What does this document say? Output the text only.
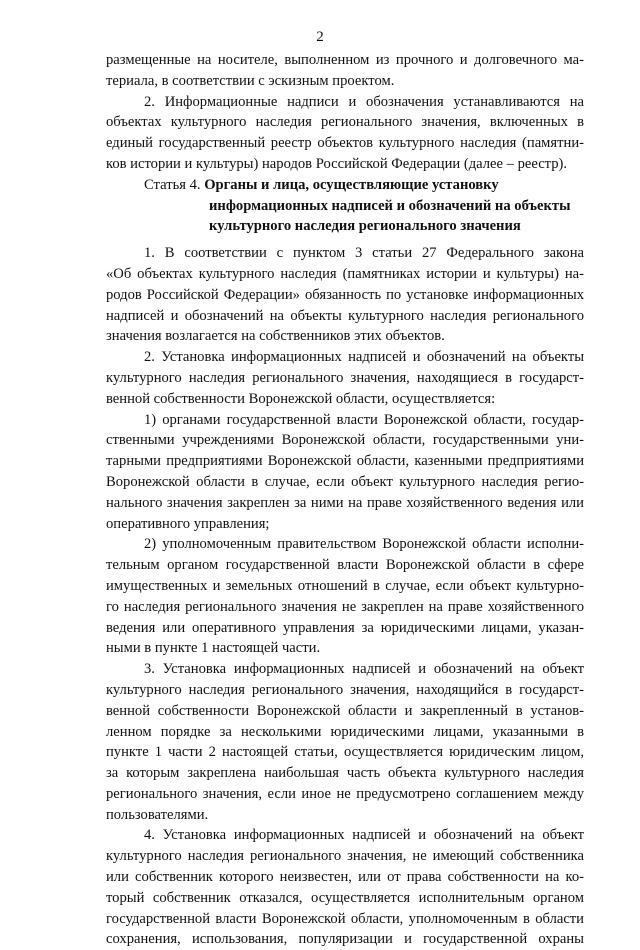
2

размещенные на носителе, выполненном из прочного и долговечного ма-
териала, в соответствии с эскизным проектом.

2. Информационные надписи и обозначения устанавливаются на
объектах культурного наследия регионального значения, включенных в
единый государственный реестр объектов культурного наследия (памятни-
ков истории и культуры) народов Российской Федерации (далее – реестр).

Статья 4. Органы и лица, осуществляющие установку
информационных надписей и обозначений на объекты
культурного наследия регионального значения

1. В соответствии с пунктом 3 статьи 27 Федерального закона
«Об объектах культурного наследия (памятниках истории и культуры) на-
родов Российской Федерации» обязанность по установке информационных
надписей и обозначений на объекты культурного наследия регионального
значения возлагается на собственников этих объектов.

2. Установка информационных надписей и обозначений на объекты
культурного наследия регионального значения, находящиеся в государст-
венной собственности Воронежской области, осуществляется:

1) органами государственной власти Воронежской области, государ-
ственными учреждениями Воронежской области, государственными уни-
тарными предприятиями Воронежской области, казенными предприятиями
Воронежской области в случае, если объект культурного наследия регио-
нального значения закреплен за ними на праве хозяйственного ведения или
оперативного управления;

2) уполномоченным правительством Воронежской области исполни-
тельным органом государственной власти Воронежской области в сфере
имущественных и земельных отношений в случае, если объект культурно-
го наследия регионального значения не закреплен на праве хозяйственного
ведения или оперативного управления за юридическими лицами, указан-
ными в пункте 1 настоящей части.

3. Установка информационных надписей и обозначений на объект
культурного наследия регионального значения, находящийся в государст-
венной собственности Воронежской области и закрепленный в установ-
ленном порядке за несколькими юридическими лицами, указанными в
пункте 1 части 2 настоящей статьи, осуществляется юридическим лицом,
за которым закреплена наибольшая часть объекта культурного наследия
регионального значения, если иное не предусмотрено соглашением между
пользователями.

4. Установка информационных надписей и обозначений на объект
культурного наследия регионального значения, не имеющий собственника
или собственник которого неизвестен, или от права собственности на ко-
торый собственник отказался, осуществляется исполнительным органом
государственной власти Воронежской области, уполномоченным в области
сохранения, использования, популяризации и государственной охраны
